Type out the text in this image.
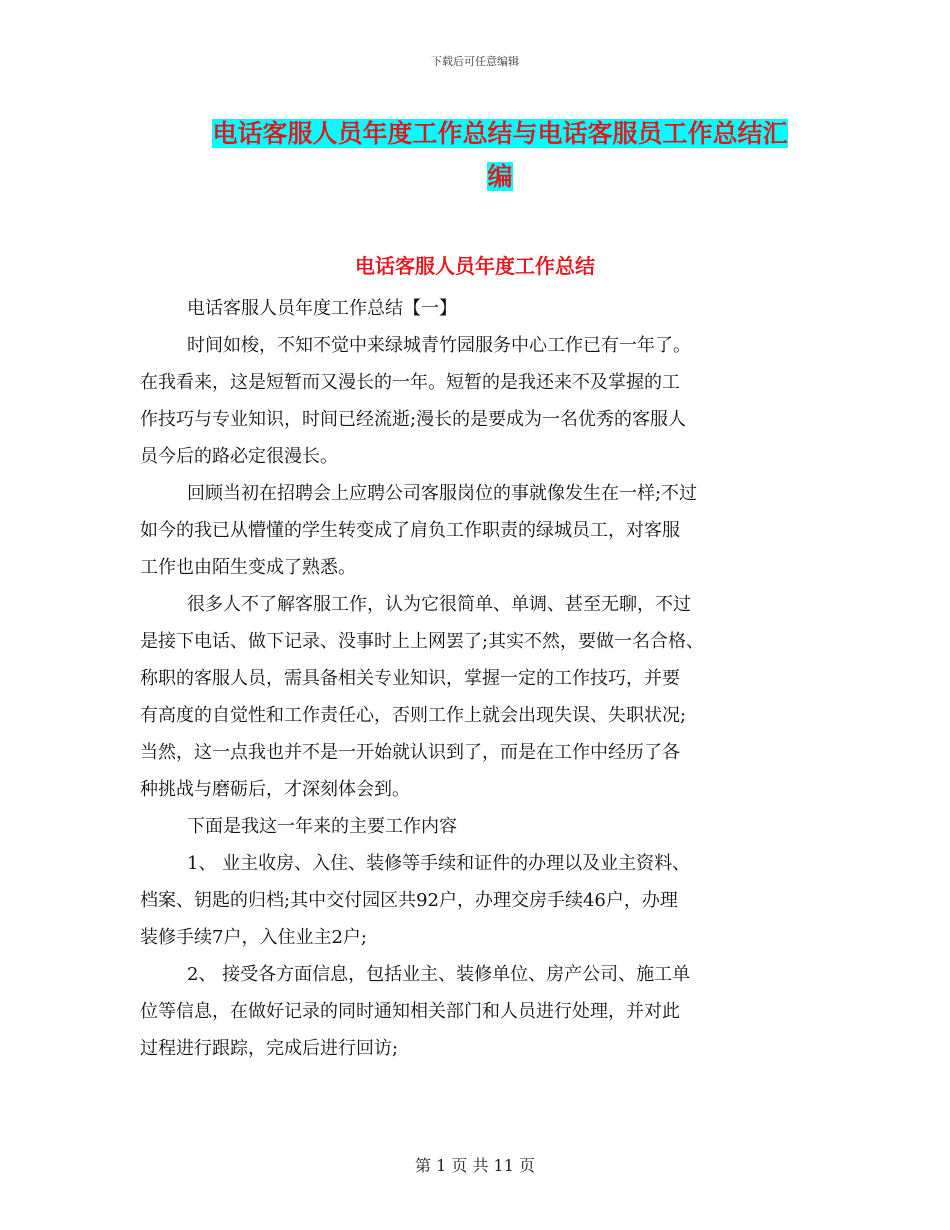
下载后可任意编辑
电话客服人员年度工作总结与电话客服员工作总结汇
编
电话客服人员年度工作总结
电话客服人员年度工作总结【一】
时间如梭，不知不觉中来绿城青竹园服务中心工作已有一年了。
在我看来，这是短暂而又漫长的一年。短暂的是我还来不及掌握的工
作技巧与专业知识，时间已经流逝;漫长的是要成为一名优秀的客服人
员今后的路必定很漫长。
回顾当初在招聘会上应聘公司客服岗位的事就像发生在一样;不过
如今的我已从懵懂的学生转变成了肩负工作职责的绿城员工，对客服
工作也由陌生变成了熟悉。
很多人不了解客服工作，认为它很简单、单调、甚至无聊，不过
是接下电话、做下记录、没事时上上网罢了;其实不然，要做一名合格、
称职的客服人员，需具备相关专业知识，掌握一定的工作技巧，并要
有高度的自觉性和工作责任心，否则工作上就会出现失误、失职状况;
当然，这一点我也并不是一开始就认识到了，而是在工作中经历了各
种挑战与磨砺后，才深刻体会到。
下面是我这一年来的主要工作内容
1、 业主收房、入住、装修等手续和证件的办理以及业主资料、
档案、钥匙的归档;其中交付园区共92户，办理交房手续46户，办理
装修手续7户，入住业主2户;
2、 接受各方面信息，包括业主、装修单位、房产公司、施工单
位等信息，在做好记录的同时通知相关部门和人员进行处理，并对此
过程进行跟踪，完成后进行回访;
第 1 页 共 11 页
